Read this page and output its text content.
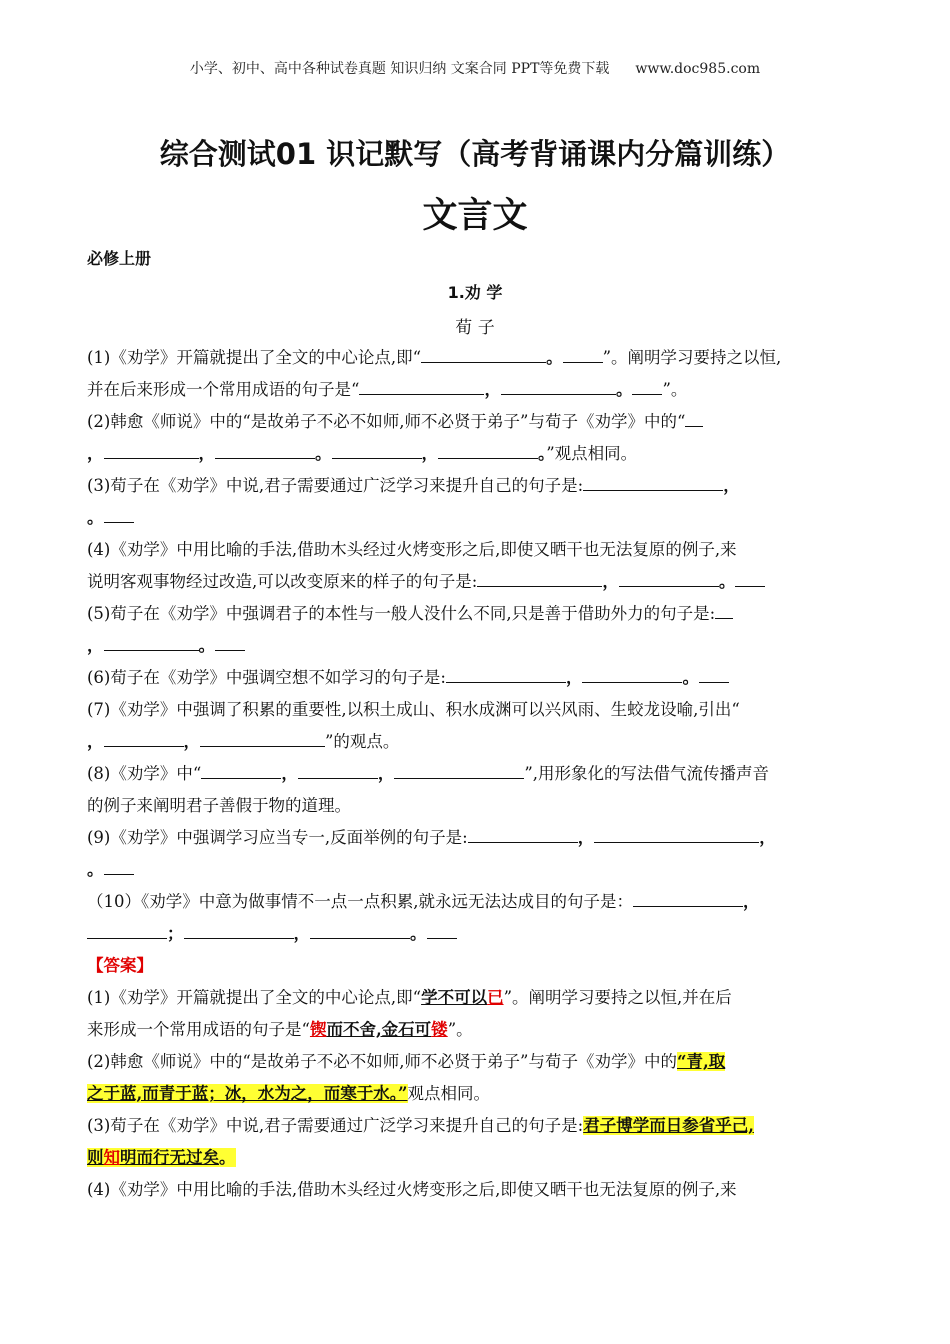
小学、初中、高中各种试卷真题 知识归纳 文案合同 PPT等免费下载 www.doc985.com
综合测试01 识记默写（高考背诵课内分篇训练）
文言文
必修上册
1.劝 学
荀 子

(1)《劝学》开篇就提出了全文的中心论点,即“	。 ”。阐明学习要持之以恒,

并在后来形成一个常用成语的句子是“	，	。 ”。

(2)韩愈《师说》中的“是故弟子不必不如师,师不必贤于弟子”与荀子《劝学》中的“

，	，	。	，	。”观点相同。

(3)荀子在《劝学》中说,君子需要通过广泛学习来提升自己的句子是:	，

。

(4)《劝学》中用比喻的手法,借助木头经过火烤变形之后,即使又晒干也无法复原的例子,来

说明客观事物经过改造,可以改变原来的样子的句子是:	，	。

(5)荀子在《劝学》中强调君子的本性与一般人没什么不同,只是善于借助外力的句子是:

，	。

(6)荀子在《劝学》中强调空想不如学习的句子是:	，	。

(7)《劝学》中强调了积累的重要性,以积土成山、积水成渊可以兴风雨、生蛟龙设喻,引出“

，	，	”的观点。

(8)《劝学》中“	，	，	”,用形象化的写法借气流传播声音

的例子来阐明君子善假于物的道理。

(9)《劝学》中强调学习应当专一,反面举例的句子是:	，	，

。

（10）《劝学》中意为做事情不一点一点积累,就永远无法达成目的句子是：	，

；	，	。

【答案】

(1)《劝学》开篇就提出了全文的中心论点,即“学不可以已”。阐明学习要持之以恒,并在后

来形成一个常用成语的句子是“锲而不舍,金石可镂”。

(2)韩愈《师说》中的“是故弟子不必不如师,师不必贤于弟子”与荀子《劝学》中的“青,取

之于蓝,而青于蓝；冰，水为之，而寒于水。”观点相同。

(3)荀子在《劝学》中说,君子需要通过广泛学习来提升自己的句子是:君子博学而日参省乎己,

则知明而行无过矣。

(4)《劝学》中用比喻的手法,借助木头经过火烤变形之后,即使又晒干也无法复原的例子,来
